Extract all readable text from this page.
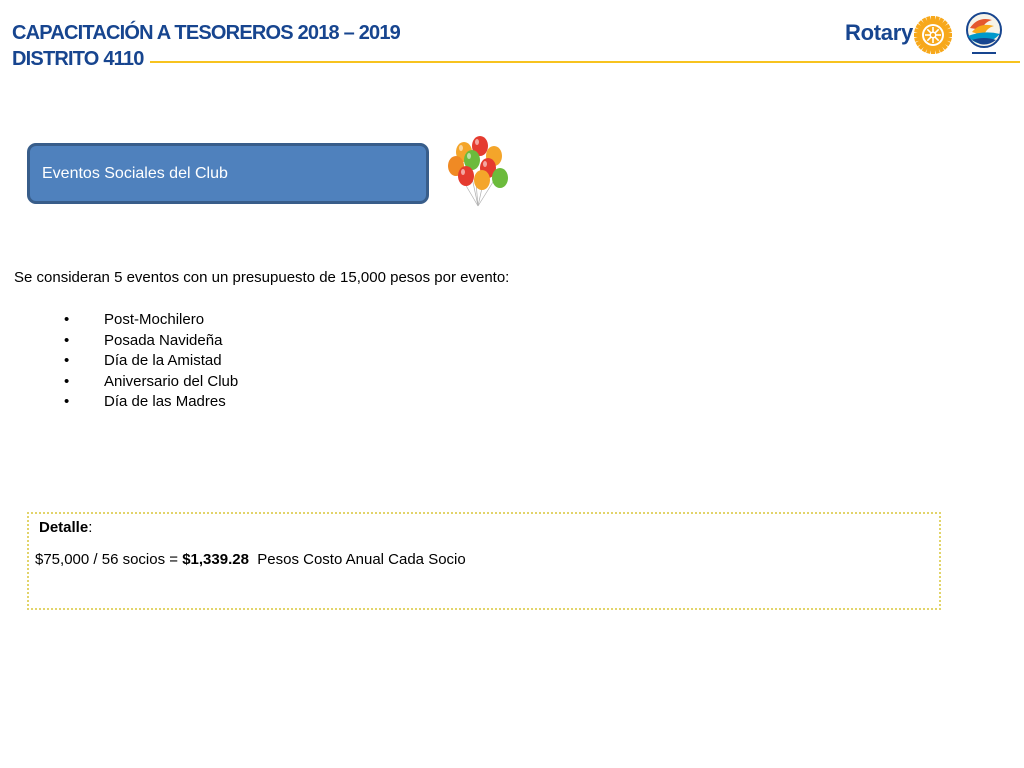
CAPACITACIÓN A TESOREROS 2018 – 2019
DISTRITO 4110
Rotary
Eventos Sociales del Club
Se consideran 5 eventos con un presupuesto de 15,000 pesos por evento:
• Post-Mochilero
• Posada Navideña
• Día de la Amistad
• Aniversario del Club
• Día de las Madres
Detalle:
$75,000 / 56 socios = $1,339.28  Pesos Costo Anual Cada Socio
